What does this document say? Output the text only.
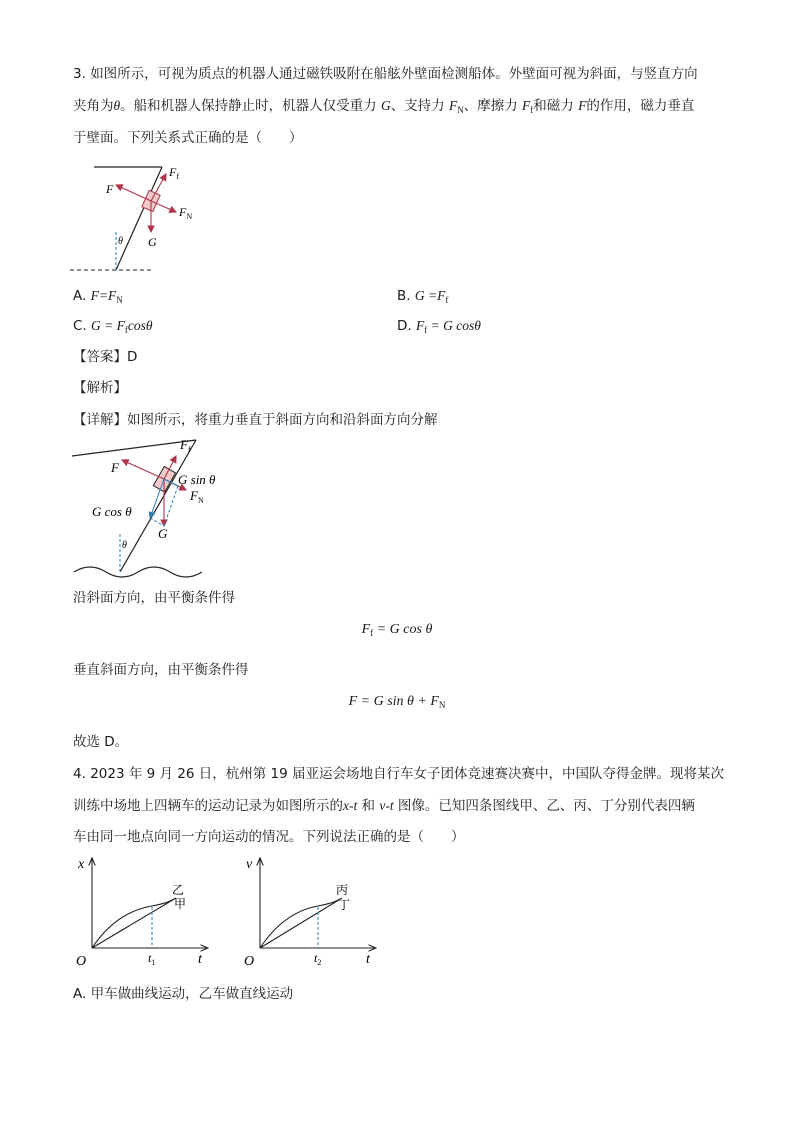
3. 如图所示，可视为质点的机器人通过磁铁吸附在船舷外壁面检测船体。外壁面可视为斜面，与竖直方向
夹角为θ。船和机器人保持静止时，机器人仅受重力 G、支持力 $F_N$、摩擦力 $F_f$和磁力 F的作用，磁力垂直
于壁面。下列关系式正确的是（　　）
$F_f$
F
$F_N$
G
θ
A. $F=F_N$	B. $G =F_f$
C. $G = F_f\cos\theta$	D. $F_f = G$ cosθ
【答案】D
【解析】
【详解】如图所示，将重力垂直于斜面方向和沿斜面方向分解
$F_f$
F
G sin θ
$F_N$
G cos θ
G
θ
沿斜面方向，由平衡条件得
$F_f = G$ cos θ
垂直斜面方向，由平衡条件得
F = G $\sin \theta + F_N$
故选 D。
4. 2023 年 9 月 26 日，杭州第 19 届亚运会场地自行车女子团体竞速赛决赛中，中国队夺得金牌。现将某次
训练中场地上四辆车的运动记录为如图所示的x-t 和 v-t 图像。已知四条图线甲、乙、丙、丁分别代表四辆
车由同一地点向同一方向运动的情况。下列说法正确的是（　　）
x
t
O	$t_1$
乙
甲
v
t
O	$t_2$
丙
丁
A. 甲车做曲线运动，乙车做直线运动
